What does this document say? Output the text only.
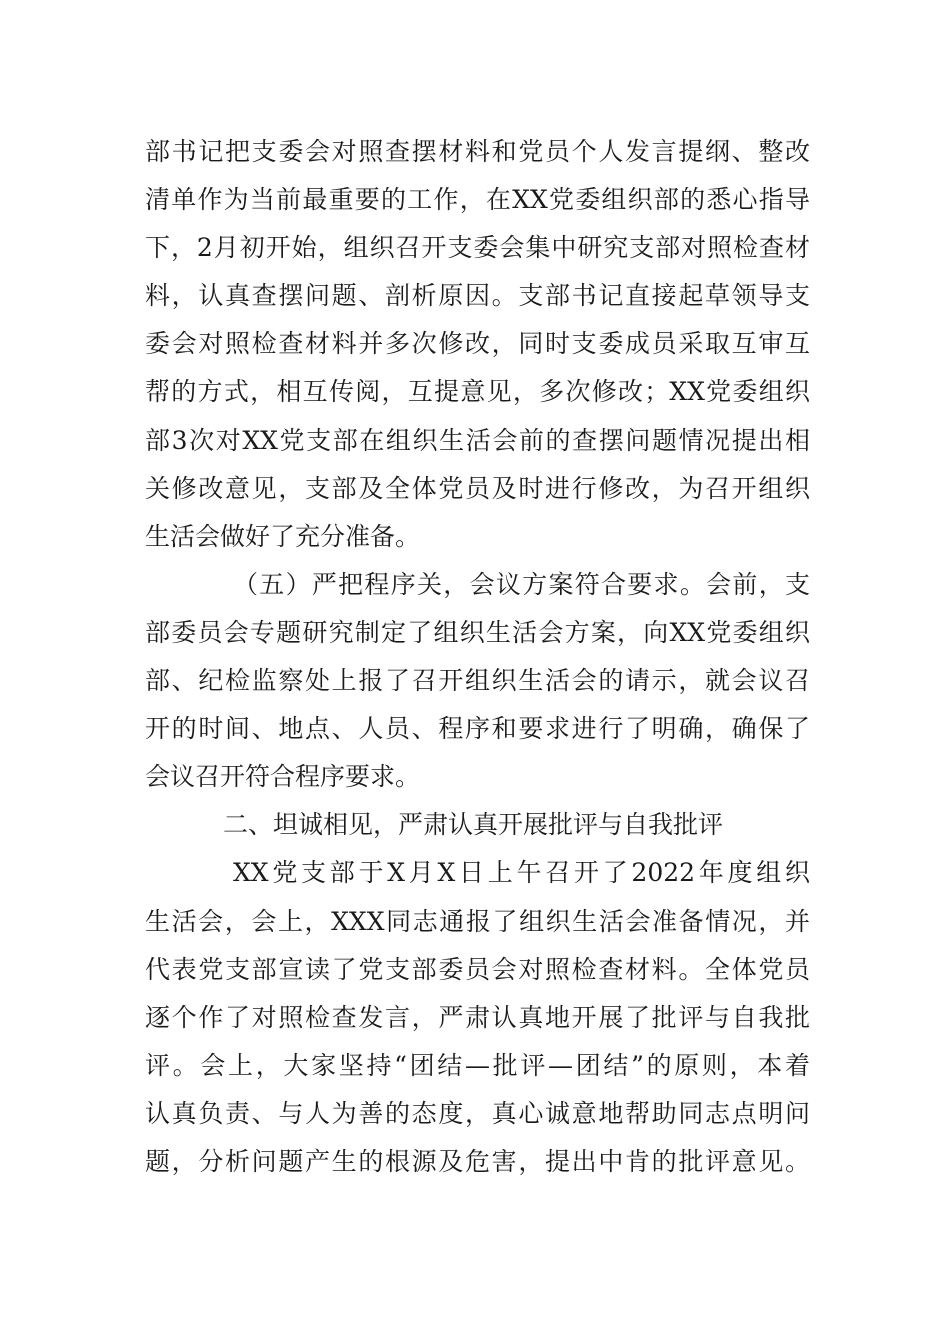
部书记把支委会对照查摆材料和党员个人发言提纲、整改
清单作为当前最重要的工作，在XX党委组织部的悉心指导
下，2月初开始，组织召开支委会集中研究支部对照检查材
料，认真查摆问题、剖析原因。支部书记直接起草领导支
委会对照检查材料并多次修改，同时支委成员采取互审互
帮的方式，相互传阅，互提意见，多次修改；XX党委组织
部3次对XX党支部在组织生活会前的查摆问题情况提出相
关修改意见，支部及全体党员及时进行修改，为召开组织
生活会做好了充分准备。
（五）严把程序关，会议方案符合要求。会前，支
部委员会专题研究制定了组织生活会方案，向XX党委组织
部、纪检监察处上报了召开组织生活会的请示，就会议召
开的时间、地点、人员、程序和要求进行了明确，确保了
会议召开符合程序要求。
二、坦诚相见，严肃认真开展批评与自我批评
XX党支部于X月X日上午召开了2022年度组织
生活会，会上，XXX同志通报了组织生活会准备情况，并
代表党支部宣读了党支部委员会对照检查材料。全体党员
逐个作了对照检查发言，严肃认真地开展了批评与自我批
评。会上，大家坚持“团结—批评—团结”的原则，本着
认真负责、与人为善的态度，真心诚意地帮助同志点明问
题，分析问题产生的根源及危害，提出中肯的批评意见。
